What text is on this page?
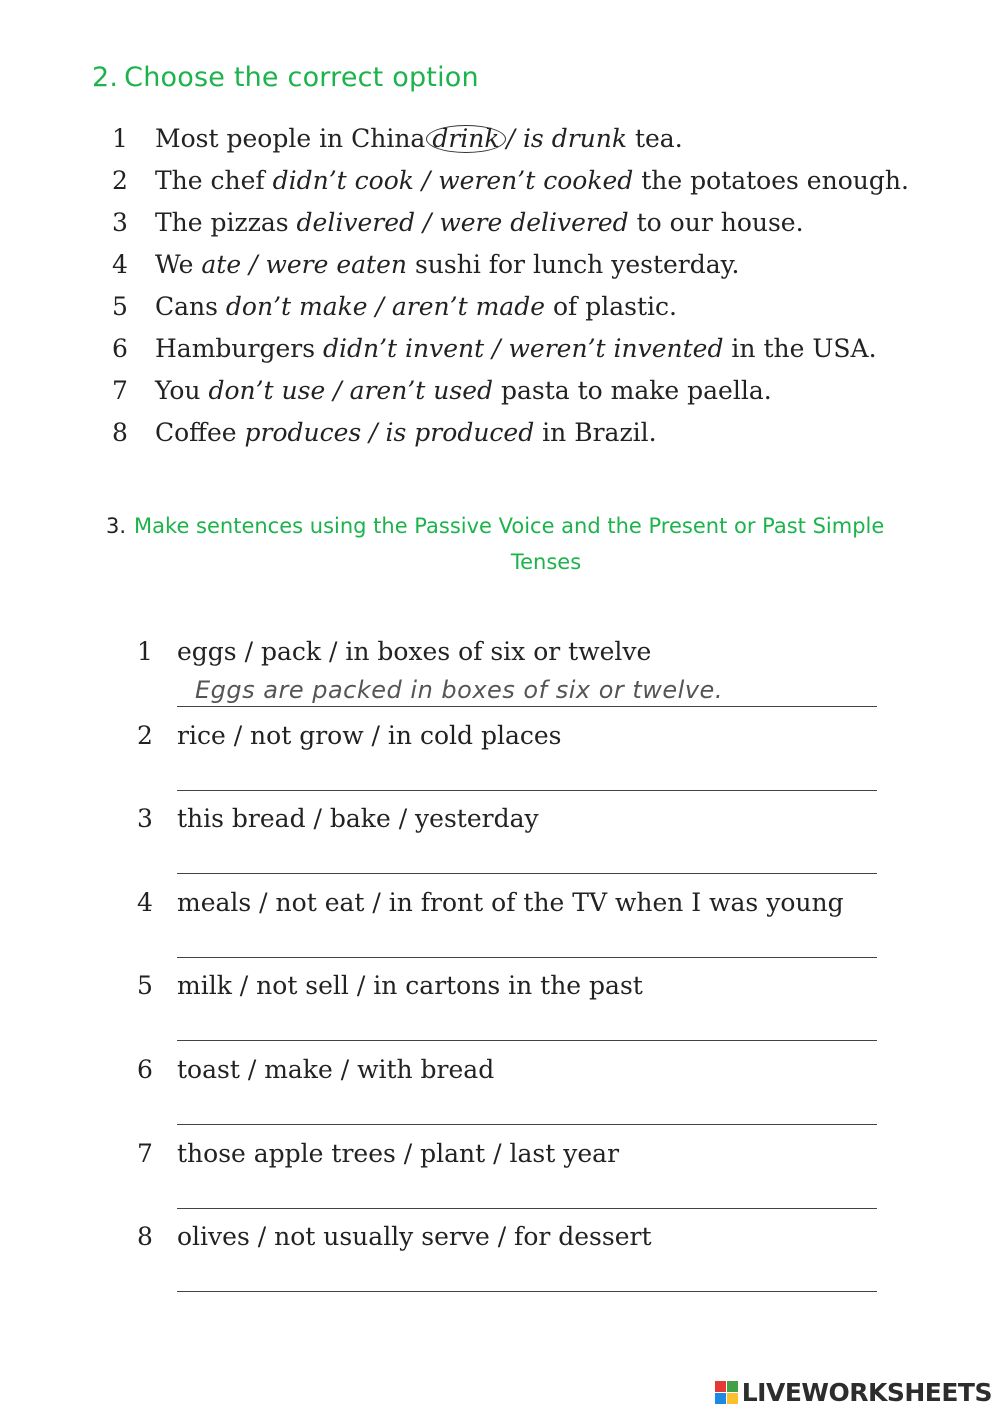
2. Choose the correct option
1	Most people in China drink / is drunk tea.
2	The chef didn’t cook / weren’t cooked the potatoes enough.
3	The pizzas delivered / were delivered to our house.
4	We ate / were eaten sushi for lunch yesterday.
5	Cans don’t make / aren’t made of plastic.
6	Hamburgers didn’t invent / weren’t invented in the USA.
7	You don’t use / aren’t used pasta to make paella.
8	Coffee produces / is produced in Brazil.
3. Make sentences using the Passive Voice and the Present or Past Simple
Tenses
1 eggs / pack / in boxes of six or twelve
Eggs are packed in boxes of six or twelve.
2 rice / not grow / in cold places
3 this bread / bake / yesterday
4 meals / not eat / in front of the TV when I was young
5 milk / not sell / in cartons in the past
6 toast / make / with bread
7 those apple trees / plant / last year
8 olives / not usually serve / for dessert
LIVEWORKSHEETS
